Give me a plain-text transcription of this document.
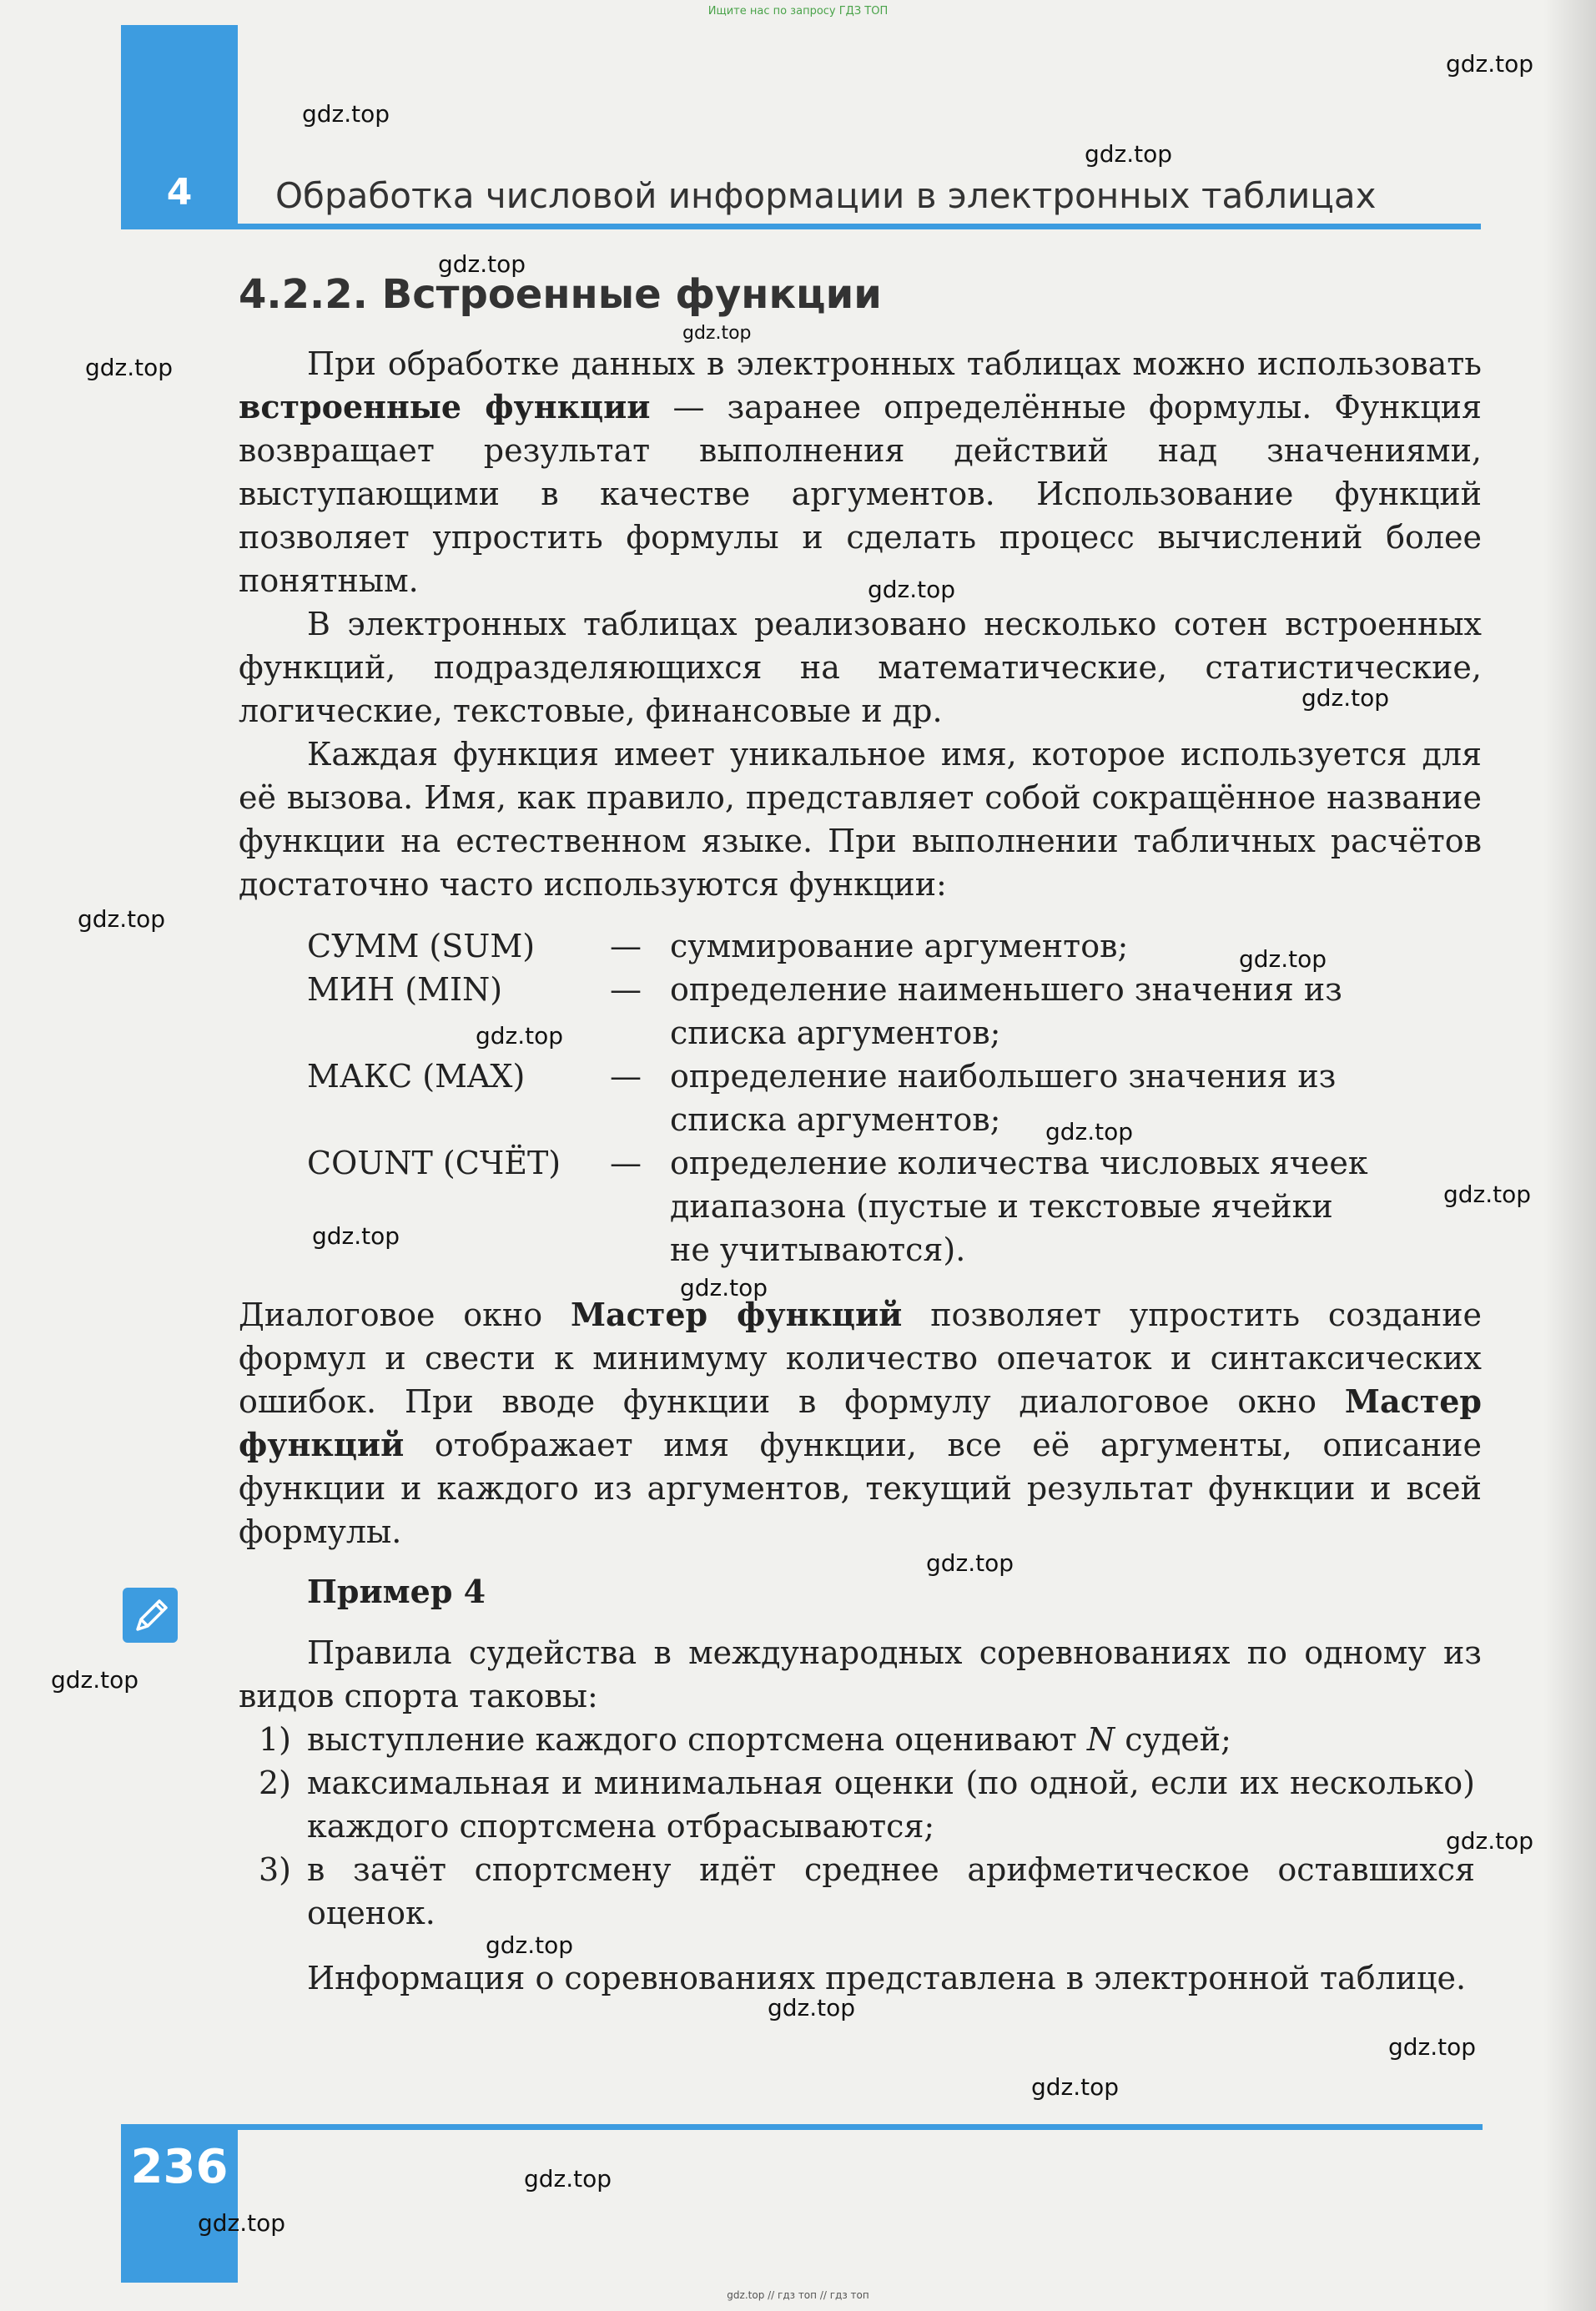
Ищите нас по запросу ГДЗ ТОП
4	Обработка числовой информации в электронных таблицах
4.2.2. Встроенные функции

При обработке данных в электронных таблицах можно использовать встроенные функции — заранее определённые формулы. Функция возвращает результат выполнения действий над значениями, выступающими в качестве аргументов. Использование функций позволяет упростить формулы и сделать процесс вычислений более понятным.

В электронных таблицах реализовано несколько сотен встроенных функций, подразделяющихся на математические, статистические, логические, текстовые, финансовые и др.

Каждая функция имеет уникальное имя, которое используется для её вызова. Имя, как правило, представляет собой сокращённое название функции на естественном языке. При выполнении табличных расчётов достаточно часто используются функции:

СУММ (SUM)	— суммирование аргументов;
МИН (MIN)	— определение наименьшего значения из
списка аргументов;
МАКС (MAX)	— определение наибольшего значения из
списка аргументов;
COUNT (СЧЁТ)	— определение количества числовых ячеек
диапазона (пустые и текстовые ячейки
не учитываются).

Диалоговое окно Мастер функций позволяет упростить создание формул и свести к минимуму количество опечаток и синтаксических ошибок. При вводе функции в формулу диалоговое окно Мастер функций отображает имя функции, все её аргументы, описание функции и каждого из аргументов, текущий результат функции и всей формулы.

Пример 4

Правила судейства в международных соревнованиях по одному из видов спорта таковы:

1) выступление каждого спортсмена оценивают N судей;
2) максимальная и минимальная оценки (по одной, если их несколько) каждого спортсмена отбрасываются;
3) в зачёт спортсмену идёт среднее арифметическое оставшихся оценок.

Информация о соревнованиях представлена в электронной таблице.

236
gdz.top // гдз топ // гдз топ
gdz.top
gdz.top
gdz.top
gdz.top
gdz.top
gdz.top
gdz.top
gdz.top
gdz.top
gdz.top
gdz.top
gdz.top
gdz.top
gdz.top
gdz.top
gdz.top
gdz.top
gdz.top
gdz.top
gdz.top
gdz.top
gdz.top
gdz.top
gdz.top
